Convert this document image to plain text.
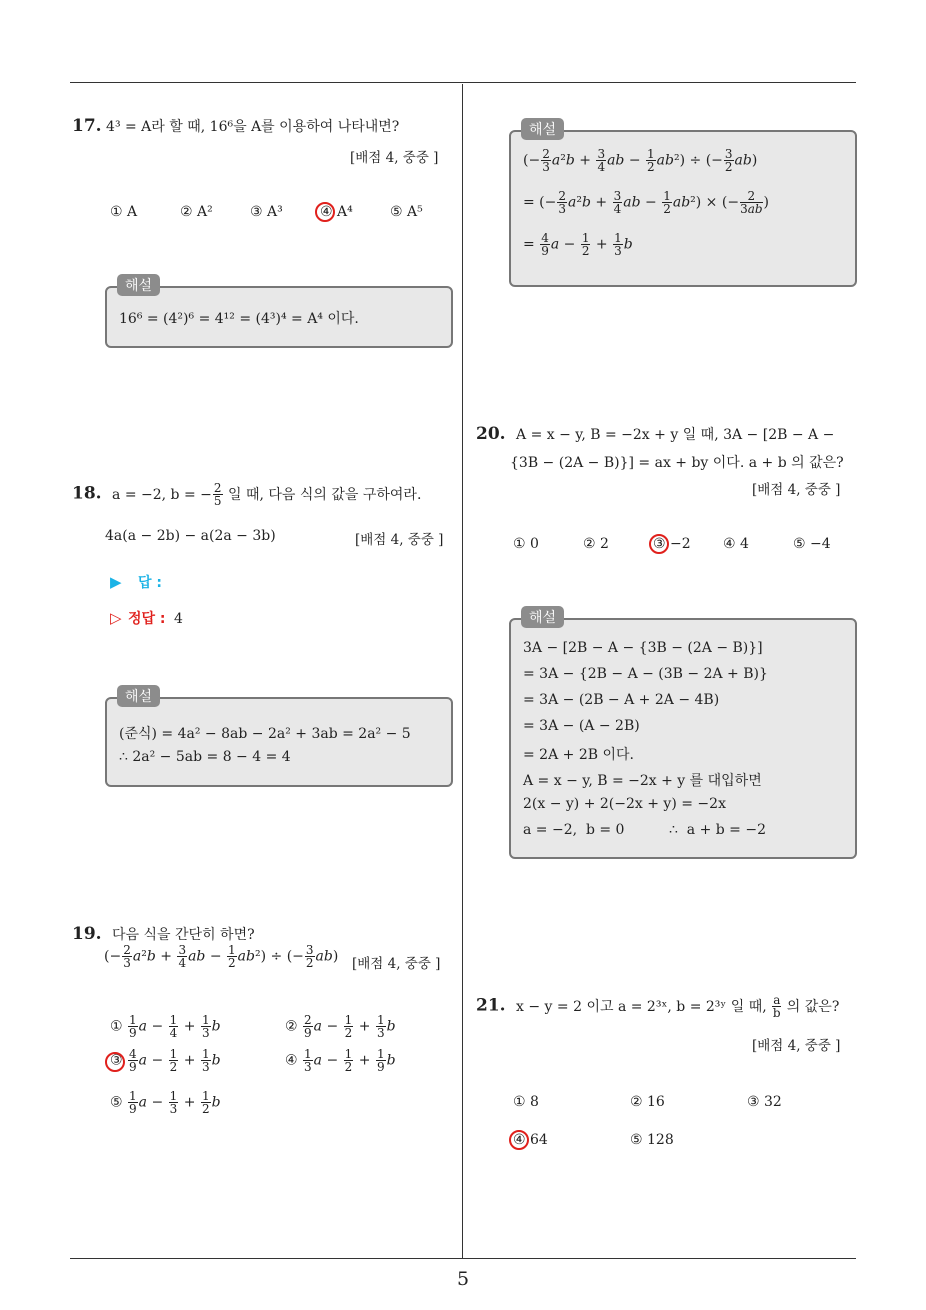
17. 4³ = A라 할 때, 16⁶을 A를 이용하여 나타내면?
[배점 4, 중중 ]
① A	② A²	③ A³	④ A⁴	⑤ A⁵
해설
16⁶ = (4²)⁶ = 4¹² = (4³)⁴ = A⁴ 이다.
18. a = −2, b = − $\frac{2}{5}$ 일 때, 다음 식의 값을 구하여라.
4a(a − 2b) − a(2a − 3b)	[배점 4, 중중 ]
▶ 답 :
▷ 정답 : 4
해설
(준식) = 4a² − 8ab − 2a² + 3ab = 2a² − 5
∴ 2a² − 5ab = 8 − 4 = 4
19. 다음 식을 간단히 하면?
(− $\frac{2}{3} a^2b + \frac{3}{4}$ ab − $\frac{1}{2} ab^2$) ÷ (− $\frac{3}{2} ab$) [배점 4, 중중 ]
① $\frac{1}{9}$ $a - \frac{1}{4} + \frac{1}{3}$ b	② $\frac{2}{9}$ $a - \frac{1}{2} + \frac{1}{3}$ b
③ $\frac{4}{9}$ $a - \frac{1}{2} + \frac{1}{3}$ b	④ $\frac{1}{3}$ $a - \frac{1}{2} + \frac{1}{9}$ b
⑤ $\frac{1}{9}$ $a - \frac{1}{3} + \frac{1}{2}$ b
해설
(− $\frac{2}{3} a^2b + \frac{3}{4}$ ab − $\frac{1}{2} ab^2$) ÷ (− $\frac{3}{2} ab$)
= (− $\frac{2}{3} a^2b + \frac{3}{4}$ ab − $\frac{1}{2} ab^2$) × (− $\frac{2}{3ab}$ )
= $\frac{4}{9}$ $a - \frac{1}{2} + \frac{1}{3}$ b
20. A = x − y, B = −2x + y 일 때, 3A − [2B − A −
{3B − (2A − B)}] = ax + by 이다. a + b 의 값은?
[배점 4, 중중 ]
① 0	② 2	③ −2 ④ 4	⑤ −4
해설
3A − [2B − A − {3B − (2A − B)}]
= 3A − {2B − A − (3B − 2A + B)}
= 3A − (2B − A + 2A − 4B)
= 3A − (A − 2B)
= 2A + 2B 이다.
A = x − y, B = −2x + y 를 대입하면
2(x − y) + 2(−2x + y) = −2x
a = −2,  b = 0          ∴  a + b = −2
21. x − y = 2 이고 a = 2³ˣ, b = 2³ʸ 일 때, $\frac{a}{b}$ 의 값은?
[배점 4, 중중 ]
① 8	② 16	③ 32
④ 64	⑤ 128
5
